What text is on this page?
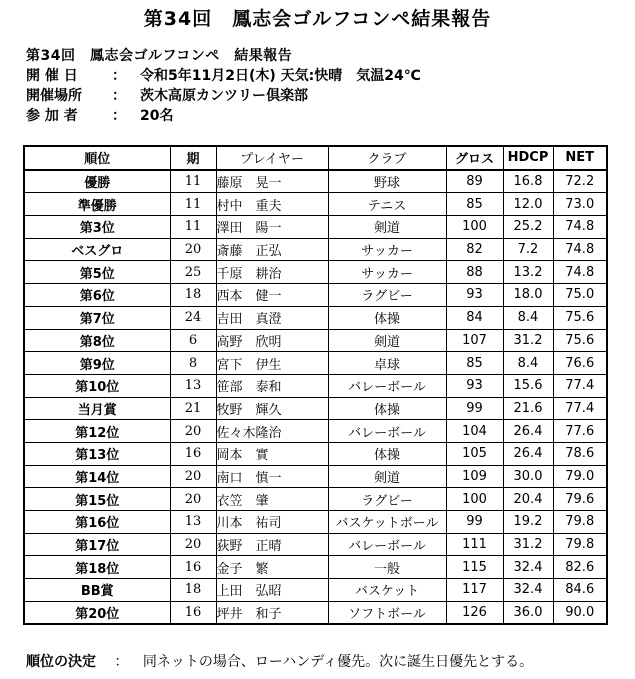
第34回　鳳志会ゴルフコンペ結果報告
第34回　鳳志会ゴルフコンペ　結果報告
開 催 日	：	令和5年11月2日(木) 天気:快晴　気温24℃
開催場所	：	茨木高原カンツリー倶楽部
参 加 者	：	20名
順位	期	プレイヤー	クラブ	グロス	HDCP	NET
優勝	11	藤原　晃一	野球	89	16.8	72.2
準優勝	11	村中　重夫	テニス	85	12.0	73.0
第3位	11	澤田　陽一	剣道	100	25.2	74.8
ベスグロ	20	斎藤　正弘	サッカー	82	7.2	74.8
第5位	25	千原　耕治	サッカー	88	13.2	74.8
第6位	18	西本　健一	ラグビー	93	18.0	75.0
第7位	24	吉田　真澄	体操	84	8.4	75.6
第8位	6	高野　欣明	剣道	107	31.2	75.6
第9位	8	宮下　伊生	卓球	85	8.4	76.6
第10位	13	笹部　泰和	バレーボール	93	15.6	77.4
当月賞	21	牧野　輝久	体操	99	21.6	77.4
第12位	20	佐々木隆治	バレーボール	104	26.4	77.6
第13位	16	岡本　實	体操	105	26.4	78.6
第14位	20	南口　慎一	剣道	109	30.0	79.0
第15位	20	衣笠　肇	ラグビー	100	20.4	79.6
第16位	13	川本　祐司	バスケットボール	99	19.2	79.8
第17位	20	荻野　正晴	バレーボール	111	31.2	79.8
第18位	16	金子　繁	一般	115	32.4	82.6
BB賞	18	上田　弘昭	バスケット	117	32.4	84.6
第20位	16	坪井　和子	ソフトボール	126	36.0	90.0
順位の決定 ： 同ネットの場合、ローハンディ優先。次に誕生日優先とする。
